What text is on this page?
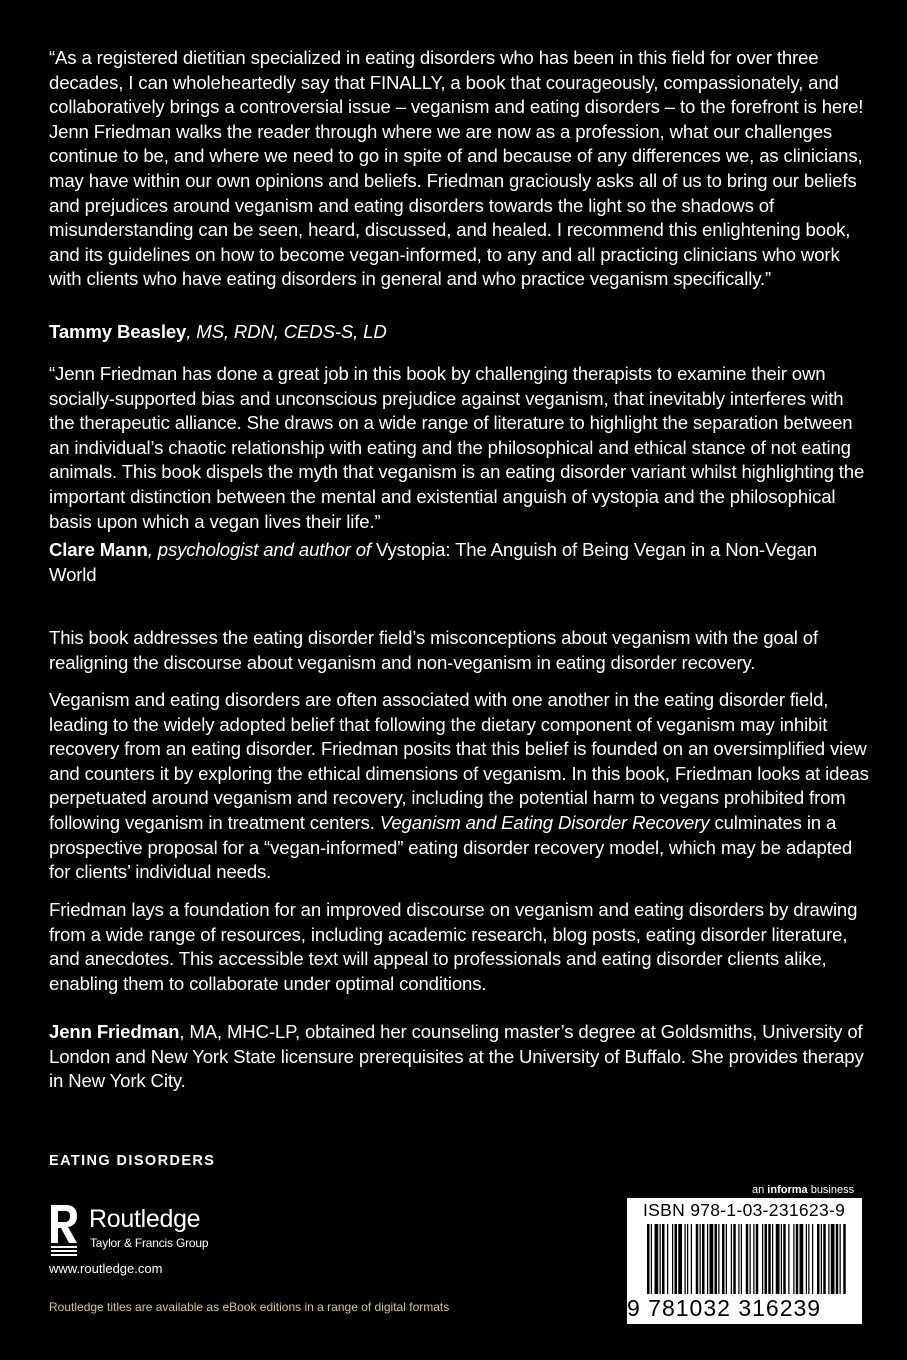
“As a registered dietitian specialized in eating disorders who has been in this field for over three decades, I can wholeheartedly say that FINALLY, a book that courageously, compassionately, and collaboratively brings a controversial issue – veganism and eating disorders – to the forefront is here! Jenn Friedman walks the reader through where we are now as a profession, what our challenges continue to be, and where we need to go in spite of and because of any differences we, as clinicians, may have within our own opinions and beliefs. Friedman graciously asks all of us to bring our beliefs and prejudices around veganism and eating disorders towards the light so the shadows of misunderstanding can be seen, heard, discussed, and healed. I recommend this enlightening book, and its guidelines on how to become vegan-informed, to any and all practicing clinicians who work with clients who have eating disorders in general and who practice veganism specifically.”
Tammy Beasley, MS, RDN, CEDS-S, LD
“Jenn Friedman has done a great job in this book by challenging therapists to examine their own socially-supported bias and unconscious prejudice against veganism, that inevitably interferes with the therapeutic alliance. She draws on a wide range of literature to highlight the separation between an individual’s chaotic relationship with eating and the philosophical and ethical stance of not eating animals. This book dispels the myth that veganism is an eating disorder variant whilst highlighting the important distinction between the mental and existential anguish of vystopia and the philosophical basis upon which a vegan lives their life.”
Clare Mann, psychologist and author of Vystopia: The Anguish of Being Vegan in a Non-Vegan World
This book addresses the eating disorder field’s misconceptions about veganism with the goal of realigning the discourse about veganism and non-veganism in eating disorder recovery.
Veganism and eating disorders are often associated with one another in the eating disorder field, leading to the widely adopted belief that following the dietary component of veganism may inhibit recovery from an eating disorder. Friedman posits that this belief is founded on an oversimplified view and counters it by exploring the ethical dimensions of veganism. In this book, Friedman looks at ideas perpetuated around veganism and recovery, including the potential harm to vegans prohibited from following veganism in treatment centers. Veganism and Eating Disorder Recovery culminates in a prospective proposal for a “vegan-informed” eating disorder recovery model, which may be adapted for clients’ individual needs.
Friedman lays a foundation for an improved discourse on veganism and eating disorders by drawing from a wide range of resources, including academic research, blog posts, eating disorder literature, and anecdotes. This accessible text will appeal to professionals and eating disorder clients alike, enabling them to collaborate under optimal conditions.
Jenn Friedman, MA, MHC-LP, obtained her counseling master’s degree at Goldsmiths, University of London and New York State licensure prerequisites at the University of Buffalo. She provides therapy in New York City.
EATING DISORDERS
Routledge
Taylor & Francis Group
www.routledge.com
Routledge titles are available as eBook editions in a range of digital formats
an informa business
ISBN 978-1-03-231623-9
9 781032 316239
